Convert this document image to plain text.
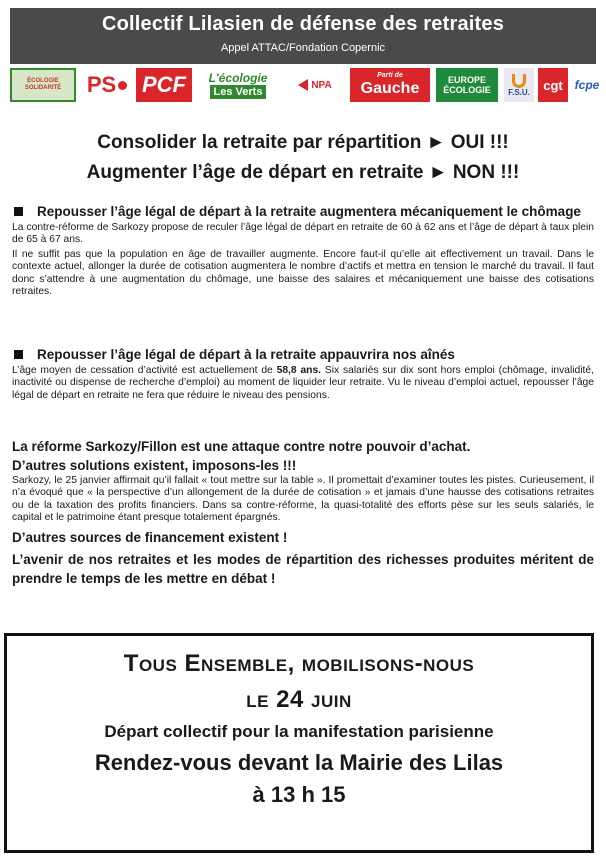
Collectif Lilasien de défense des retraites
Appel ATTAC/Fondation Copernic
ÉCOLOGIE SOLIDARITÉ	PS PCF L'écologie
Les Verts
NPA
Parti de
Gauche	EUROPE
ÉCOLOGIE F.S.U. cgt fcpe
Consolider la retraite par répartition ► OUI !!!
Augmenter l’âge de départ en retraite ► NON !!!
Repousser l’âge légal de départ à la retraite augmentera mécaniquement le chômage

La contre-réforme de Sarkozy propose de reculer l’âge légal de départ en retraite de 60 à 62 ans et l’âge de départ à taux plein de 65 à 67 ans.

Il ne suffit pas que la population en âge de travailler augmente. Encore faut-il qu’elle ait effectivement un travail. Dans le contexte actuel, allonger la durée de cotisation augmentera le nombre d’actifs et mettra en tension le marché du travail. Il faut donc s’attendre à une augmentation du chômage, une baisse des salaires et mécaniquement une baisse des cotisations retraites.

Repousser l’âge légal de départ à la retraite appauvrira nos aînés

L’âge moyen de cessation d’activité est actuellement de 58,8 ans. Six salariés sur dix sont hors emploi (chômage, invalidité, inactivité ou dispense de recherche d’emploi) au moment de liquider leur retraite. Vu le niveau d’emploi actuel, repousser l’âge légal de départ en retraite ne fera que réduire le niveau des pensions.

La réforme Sarkozy/Fillon est une attaque contre notre pouvoir d’achat.
D’autres solutions existent, imposons-les !!!

Sarkozy, le 25 janvier affirmait qu’il fallait « tout mettre sur la table ». Il promettait d’examiner toutes les pistes. Curieusement, il n’a évoqué que « la perspective d’un allongement de la durée de cotisation » et jamais d’une hausse des cotisations retraites ou de la taxation des profits financiers. Dans sa contre-réforme, la quasi-totalité des efforts pèse sur les seuls salariés, le capital et le patrimoine étant presque totalement épargnés.

D’autres sources de financement existent !
L’avenir de nos retraites et les modes de répartition des richesses produites méritent de prendre le temps de les mettre en débat !
Tous Ensemble, mobilisons-nous
le 24 juin
Départ collectif pour la manifestation parisienne
Rendez-vous devant la Mairie des Lilas
à 13 h 15
